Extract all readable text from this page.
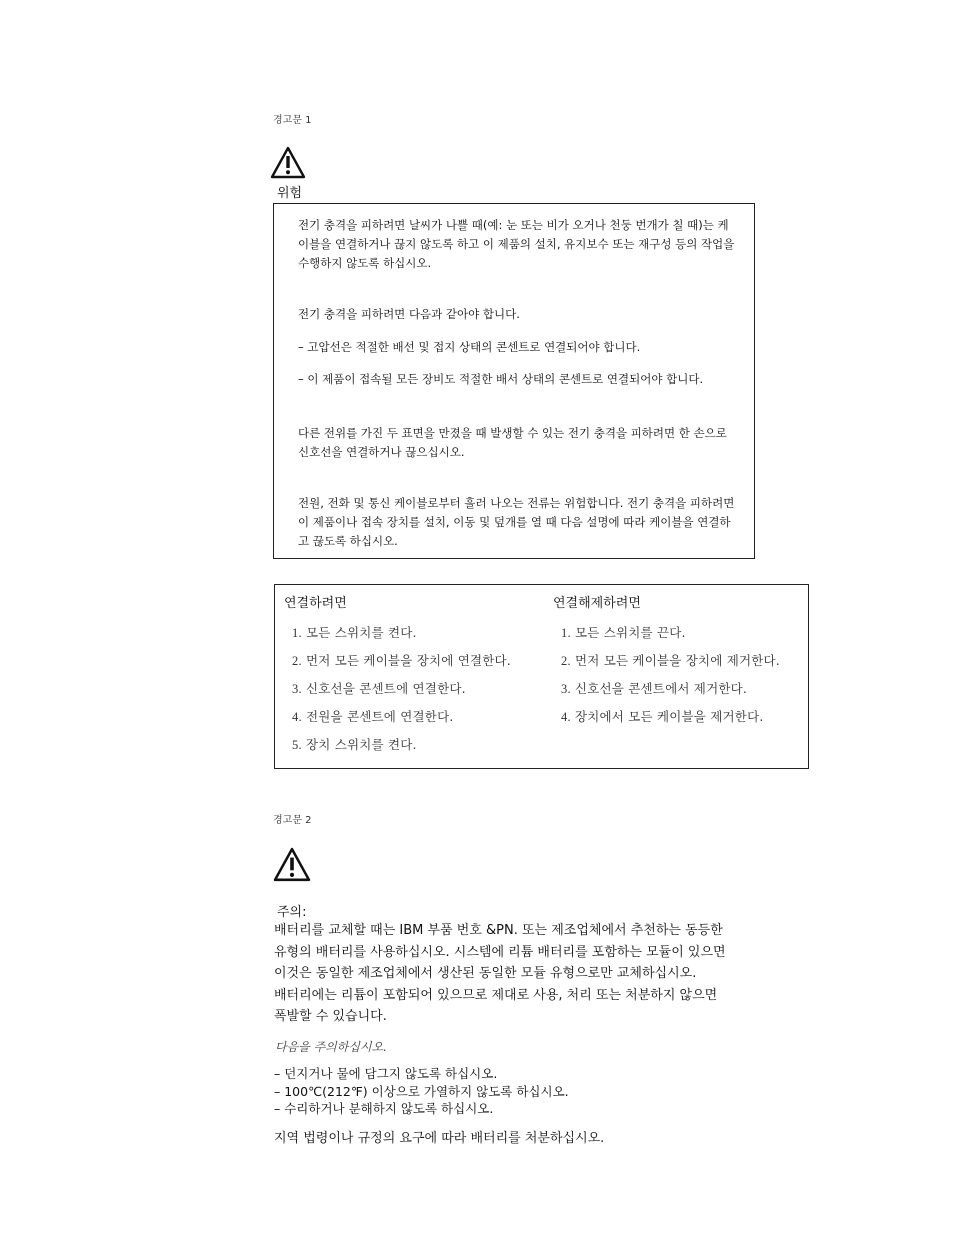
경고문 1
위험

전기 충격을 피하려면 날씨가 나쁠 때(예: 눈 또는 비가 오거나 천둥 번개가 칠 때)는 케이블을 연결하거나 끊지 않도록 하고 이 제품의 설치, 유지보수 또는 재구성 등의 작업을 수행하지 않도록 하십시오.

전기 충격을 피하려면 다음과 같아야 합니다.

– 고압선은 적절한 배선 및 접지 상태의 콘센트로 연결되어야 합니다.

– 이 제품이 접속될 모든 장비도 적절한 배서 상태의 콘센트로 연결되어야 합니다.

다른 전위를 가진 두 표면을 만졌을 때 발생할 수 있는 전기 충격을 피하려면 한 손으로 신호선을 연결하거나 끊으십시오.

전원, 전화 및 통신 케이블로부터 흘러 나오는 전류는 위험합니다. 전기 충격을 피하려면 이 제품이나 접속 장치를 설치, 이동 및 덮개를 열 때 다음 설명에 따라 케이블을 연결하고 끊도록 하십시오.

연결하려면	연결해제하려면
1. 모든 스위치를 켠다.
2. 먼저 모든 케이블을 장치에 연결한다.
3. 신호선을 콘센트에 연결한다.
4. 전원을 콘센트에 연결한다.
5. 장치 스위치를 켠다.
1. 모든 스위치를 끈다.
2. 먼저 모든 케이블을 장치에 제거한다.
3. 신호선을 콘센트에서 제거한다.
4. 장치에서 모든 케이블을 제거한다.
경고문 2
주의:

배터리를 교체할 때는 IBM 부품 번호 &PN. 또는 제조업체에서 추천하는 동등한

유형의 배터리를 사용하십시오. 시스템에 리튬 배터리를 포함하는 모듈이 있으면

이것은 동일한 제조업체에서 생산된 동일한 모듈 유형으로만 교체하십시오.

배터리에는 리튬이 포함되어 있으므로 제대로 사용, 처리 또는 처분하지 않으면

폭발할 수 있습니다.

다음을 주의하십시오.

– 던지거나 물에 담그지 않도록 하십시오.

– 100℃(212℉) 이상으로 가열하지 않도록 하십시오.

– 수리하거나 분해하지 않도록 하십시오.

지역 법령이나 규정의 요구에 따라 배터리를 처분하십시오.
